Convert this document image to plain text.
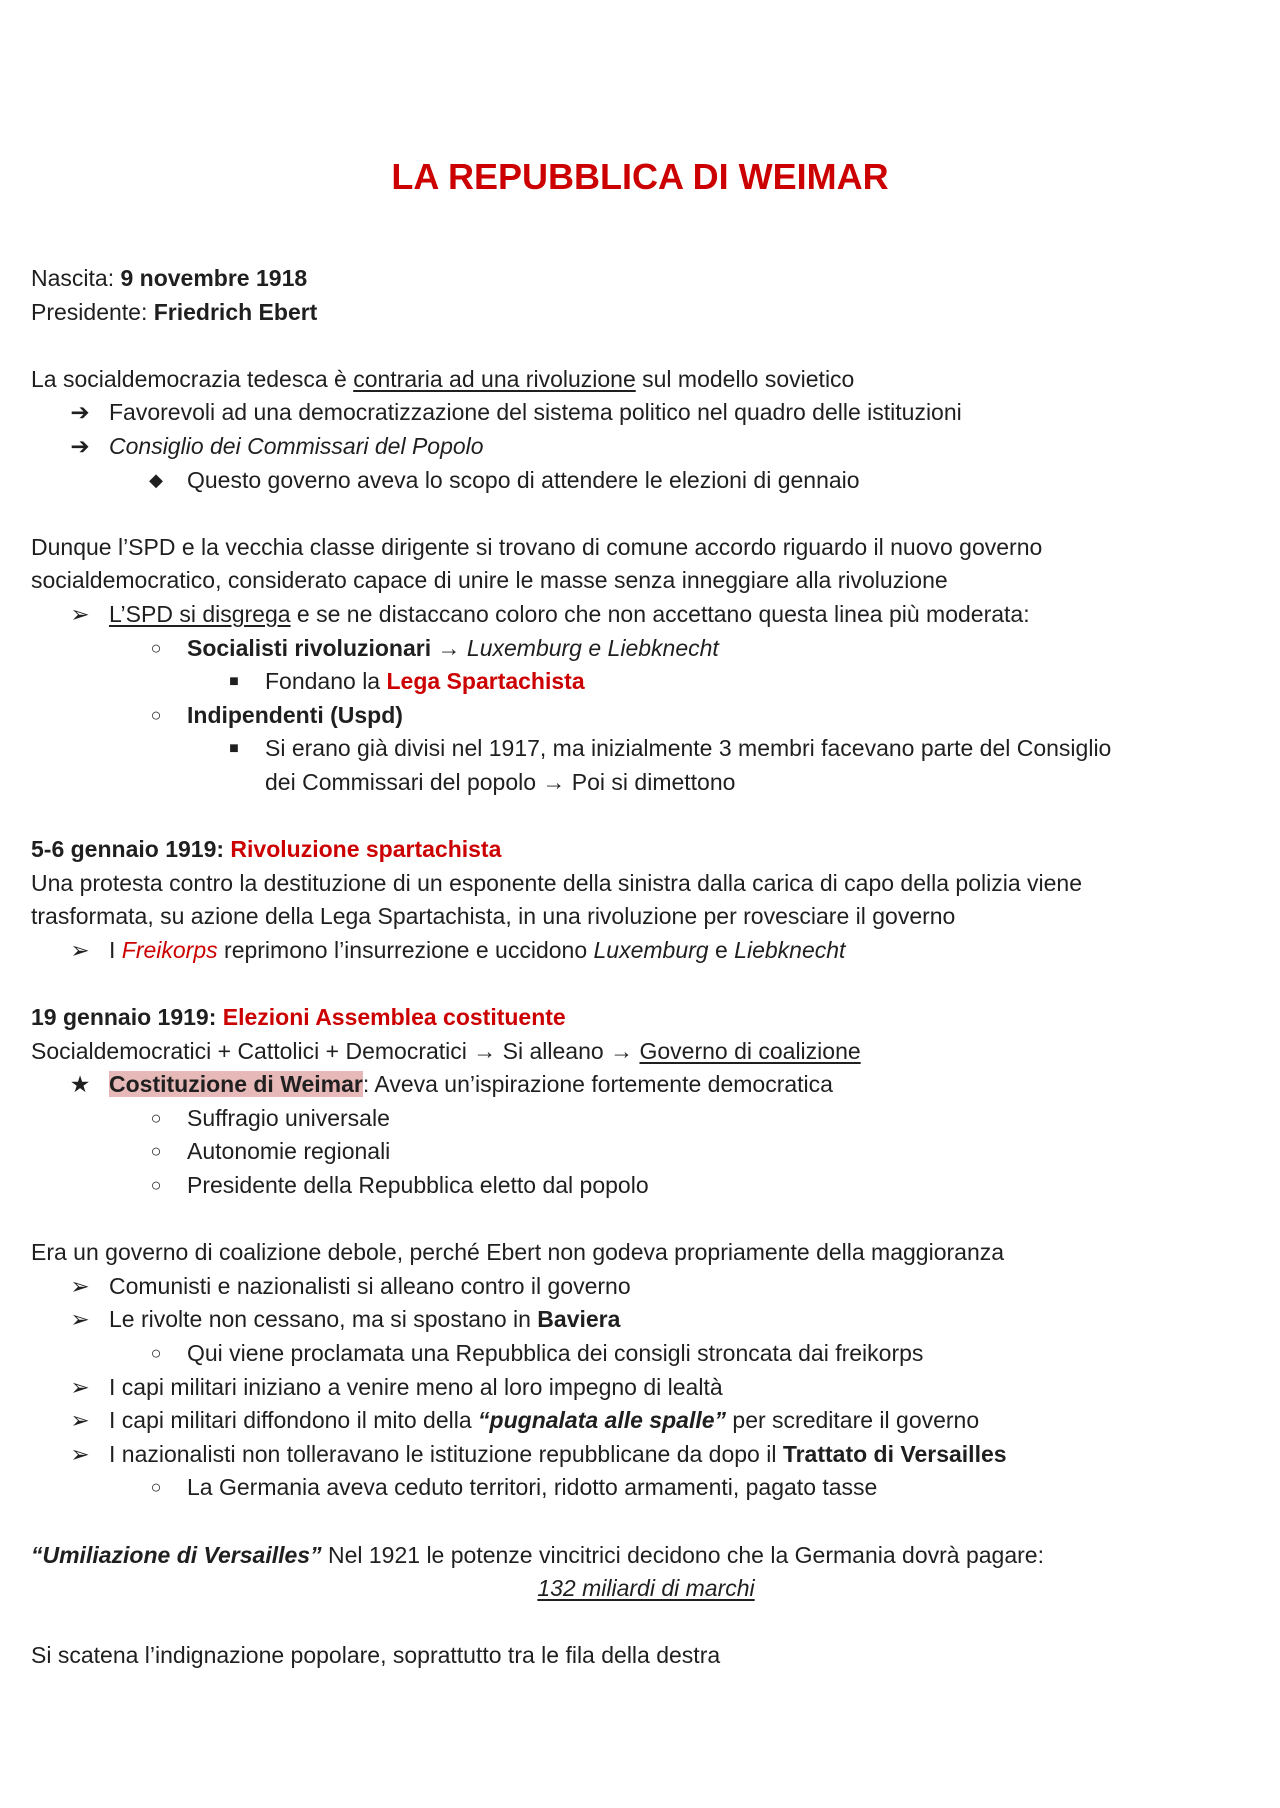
LA REPUBBLICA DI WEIMAR
Nascita: 9 novembre 1918
Presidente: Friedrich Ebert
La socialdemocrazia tedesca è contraria ad una rivoluzione sul modello sovietico
➔ Favorevoli ad una democratizzazione del sistema politico nel quadro delle istituzioni
➔ Consiglio dei Commissari del Popolo
◆	Questo governo aveva lo scopo di attendere le elezioni di gennaio
Dunque l’SPD e la vecchia classe dirigente si trovano di comune accordo riguardo il nuovo governo
socialdemocratico, considerato capace di unire le masse senza inneggiare alla rivoluzione
➢ L’SPD si disgrega e se ne distaccano coloro che non accettano questa linea più moderata:
○	Socialisti rivoluzionari → Luxemburg e Liebknecht
■	Fondano la Lega Spartachista
○	Indipendenti (Uspd)
■	Si erano già divisi nel 1917, ma inizialmente 3 membri facevano parte del Consiglio
dei Commissari del popolo → Poi si dimettono
5-6 gennaio 1919: Rivoluzione spartachista
Una protesta contro la destituzione di un esponente della sinistra dalla carica di capo della polizia viene
trasformata, su azione della Lega Spartachista, in una rivoluzione per rovesciare il governo
➢ I Freikorps reprimono l’insurrezione e uccidono Luxemburg e Liebknecht
19 gennaio 1919: Elezioni Assemblea costituente
Socialdemocratici + Cattolici + Democratici → Si alleano → Governo di coalizione
★ Costituzione di Weimar: Aveva un’ispirazione fortemente democratica
○	Suffragio universale
○	Autonomie regionali
○	Presidente della Repubblica eletto dal popolo
Era un governo di coalizione debole, perché Ebert non godeva propriamente della maggioranza
➢ Comunisti e nazionalisti si alleano contro il governo
➢ Le rivolte non cessano, ma si spostano in Baviera
○	Qui viene proclamata una Repubblica dei consigli stroncata dai freikorps
➢ I capi militari iniziano a venire meno al loro impegno di lealtà
➢ I capi militari diffondono il mito della “pugnalata alle spalle” per screditare il governo
➢ I nazionalisti non tolleravano le istituzione repubblicane da dopo il Trattato di Versailles
○	La Germania aveva ceduto territori, ridotto armamenti, pagato tasse
“Umiliazione di Versailles” Nel 1921 le potenze vincitrici decidono che la Germania dovrà pagare:
132 miliardi di marchi
Si scatena l’indignazione popolare, soprattutto tra le fila della destra
